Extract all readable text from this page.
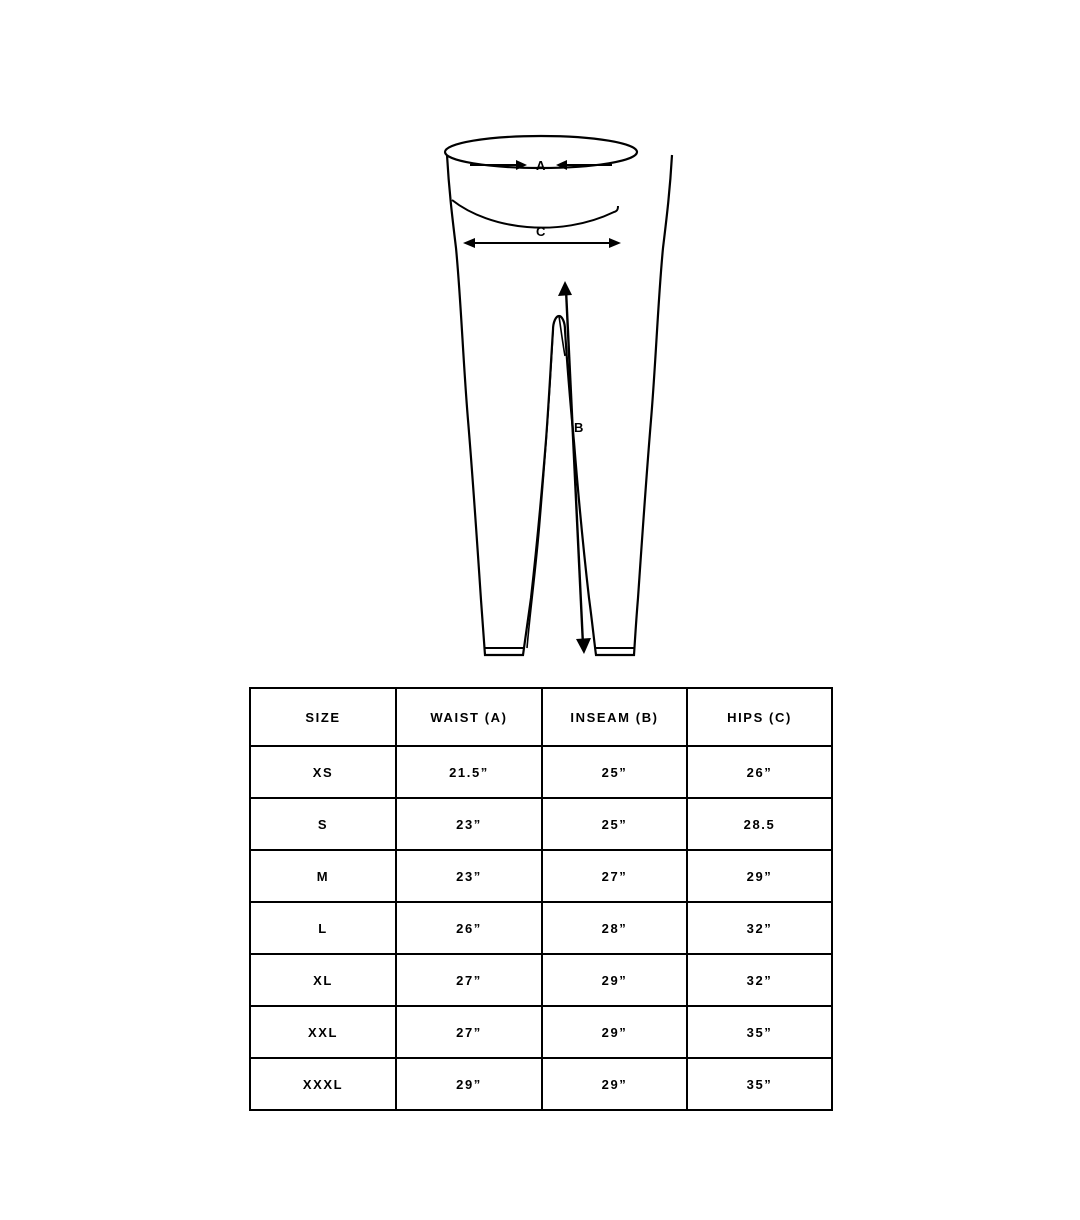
A
C
B
SIZE	WAIST (A)	INSEAM (B)	HIPS (C)
XS	21.5”	25”	26”
S	23”	25”	28.5
M	23”	27”	29”
L	26”	28”	32”
XL	27”	29”	32”
XXL	27”	29”	35”
XXXL	29”	29”	35”
